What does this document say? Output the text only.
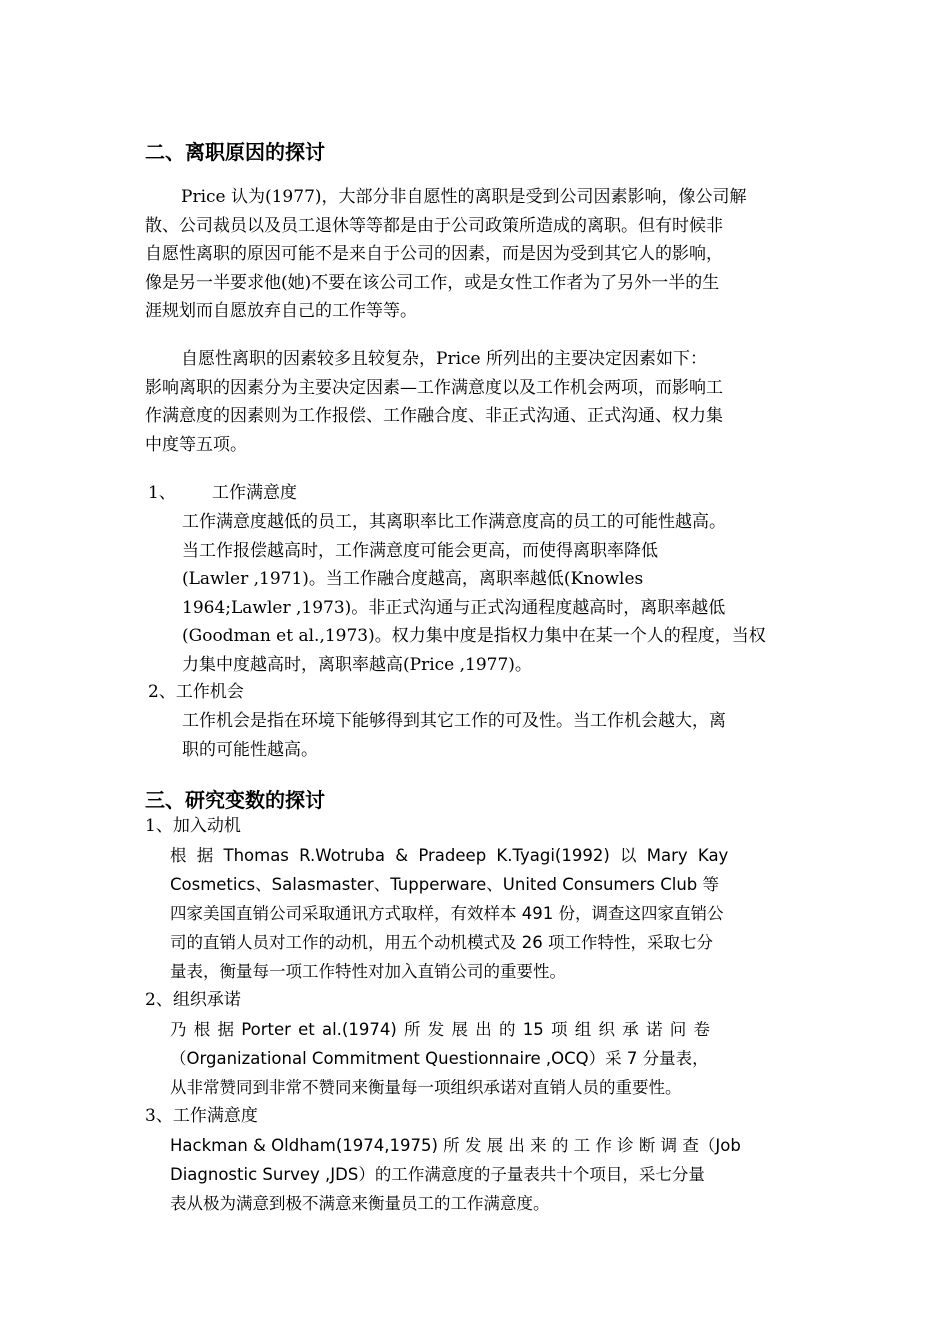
二、离职原因的探讨
Price 认为(1977)，大部分非自愿性的离职是受到公司因素影响，像公司解
散、公司裁员以及员工退休等等都是由于公司政策所造成的离职。但有时候非
自愿性离职的原因可能不是来自于公司的因素，而是因为受到其它人的影响，
像是另一半要求他(她)不要在该公司工作，或是女性工作者为了另外一半的生
涯规划而自愿放弃自己的工作等等。
自愿性离职的因素较多且较复杂，Price 所列出的主要决定因素如下：
影响离职的因素分为主要决定因素—工作满意度以及工作机会两项，而影响工
作满意度的因素则为工作报偿、工作融合度、非正式沟通、正式沟通、权力集
中度等五项。
1、 工作满意度
工作满意度越低的员工，其离职率比工作满意度高的员工的可能性越高。
当工作报偿越高时，工作满意度可能会更高，而使得离职率降低
(Lawler ,1971)。当工作融合度越高，离职率越低(Knowles
1964;Lawler ,1973)。非正式沟通与正式沟通程度越高时，离职率越低
(Goodman et al.,1973)。权力集中度是指权力集中在某一个人的程度，当权
力集中度越高时，离职率越高(Price ,1977)。
2、工作机会
工作机会是指在环境下能够得到其它工作的可及性。当工作机会越大，离
职的可能性越高。
三、研究变数的探讨
1、加入动机
根 据 Thomas R.Wotruba & Pradeep K.Tyagi(1992) 以 Mary Kay
Cosmetics、Salasmaster、Tupperware、United Consumers Club 等
四家美国直销公司采取通讯方式取样，有效样本 491 份，调查这四家直销公
司的直销人员对工作的动机，用五个动机模式及 26 项工作特性，采取七分
量表，衡量每一项工作特性对加入直销公司的重要性。
2、组织承诺
乃 根 据 Porter et al.(1974) 所 发 展 出 的 15 项 组 织 承 诺 问 卷
（Organizational Commitment Questionnaire ,OCQ）采 7 分量表，
从非常赞同到非常不赞同来衡量每一项组织承诺对直销人员的重要性。
3、工作满意度
Hackman & Oldham(1974,1975) 所 发 展 出 来 的 工 作 诊 断 调 查（Job
Diagnostic Survey ,JDS）的工作满意度的子量表共十个项目，采七分量
表从极为满意到极不满意来衡量员工的工作满意度。
